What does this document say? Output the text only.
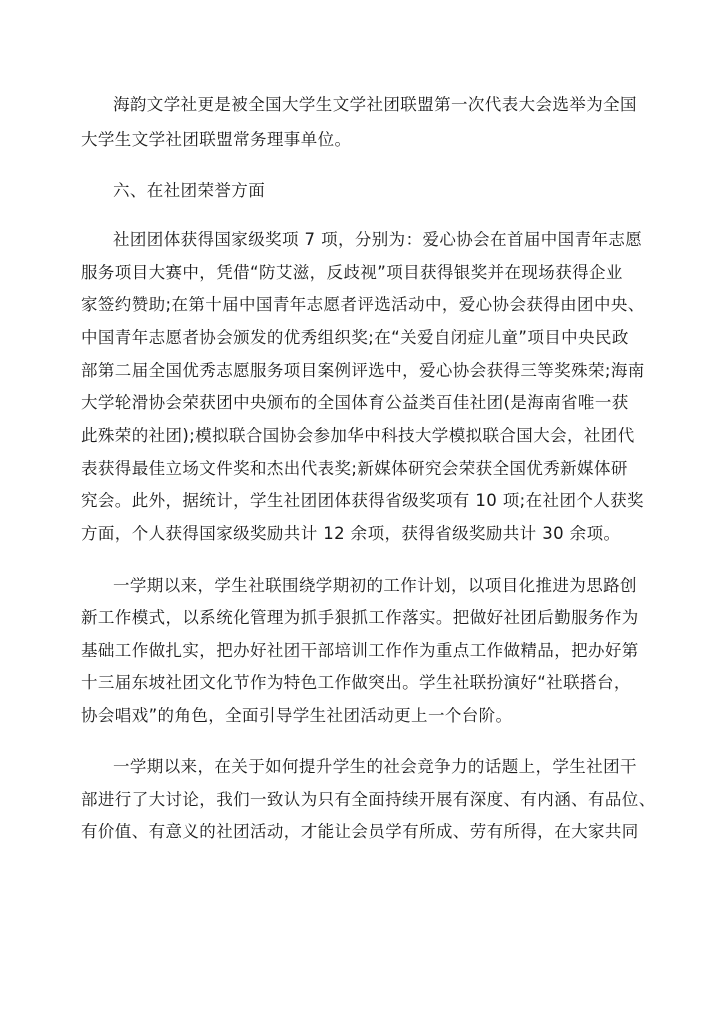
海韵文学社更是被全国大学生文学社团联盟第一次代表大会选举为全国
大学生文学社团联盟常务理事单位。
六、在社团荣誉方面
社团团体获得国家级奖项 7 项，分别为：爱心协会在首届中国青年志愿
服务项目大赛中，凭借“防艾滋，反歧视”项目获得银奖并在现场获得企业
家签约赞助;在第十届中国青年志愿者评选活动中，爱心协会获得由团中央、
中国青年志愿者协会颁发的优秀组织奖;在“关爱自闭症儿童”项目中央民政
部第二届全国优秀志愿服务项目案例评选中，爱心协会获得三等奖殊荣;海南
大学轮滑协会荣获团中央颁布的全国体育公益类百佳社团(是海南省唯一获
此殊荣的社团);模拟联合国协会参加华中科技大学模拟联合国大会，社团代
表获得最佳立场文件奖和杰出代表奖;新媒体研究会荣获全国优秀新媒体研
究会。此外，据统计，学生社团团体获得省级奖项有 10 项;在社团个人获奖
方面，个人获得国家级奖励共计 12 余项，获得省级奖励共计 30 余项。
一学期以来，学生社联围绕学期初的工作计划，以项目化推进为思路创
新工作模式，以系统化管理为抓手狠抓工作落实。把做好社团后勤服务作为
基础工作做扎实，把办好社团干部培训工作作为重点工作做精品，把办好第
十三届东坡社团文化节作为特色工作做突出。学生社联扮演好“社联搭台，
协会唱戏”的角色，全面引导学生社团活动更上一个台阶。
一学期以来，在关于如何提升学生的社会竞争力的话题上，学生社团干
部进行了大讨论，我们一致认为只有全面持续开展有深度、有内涵、有品位、
有价值、有意义的社团活动，才能让会员学有所成、劳有所得，在大家共同
